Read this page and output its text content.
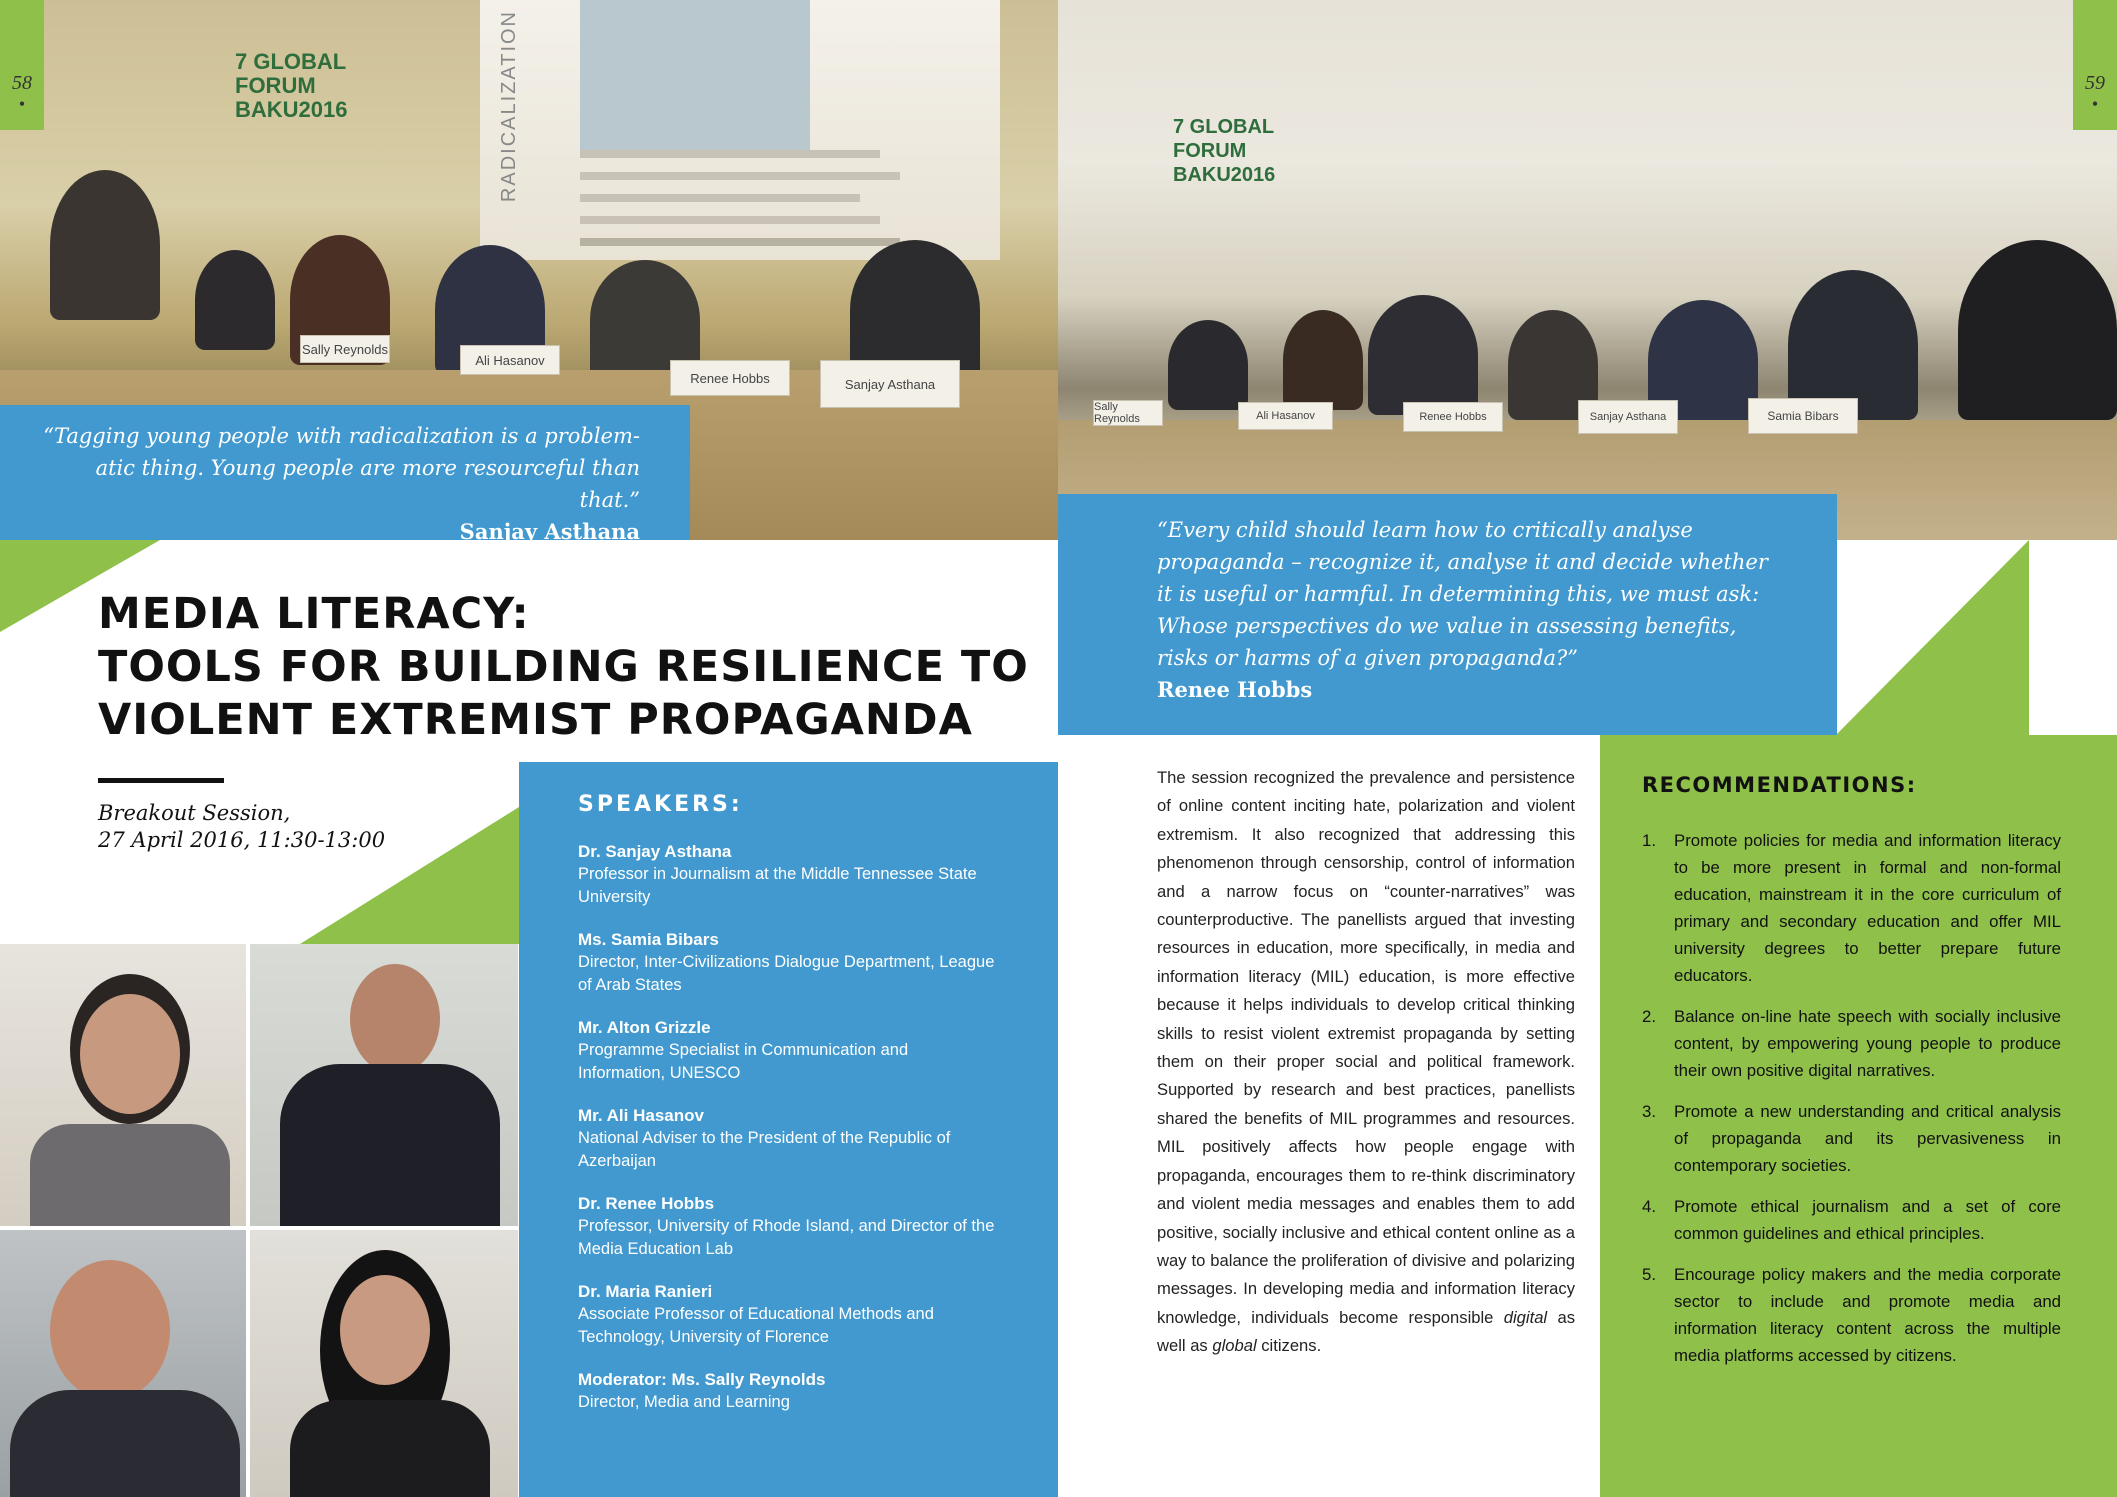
RADICALIZATION
7 GLOBAL FORUM BAKU2016
Sally Reynolds
Ali Hasanov
Renee Hobbs	Sanjay Asthana
7 GLOBAL FORUM BAKU2016
Sally Reynolds	Ali Hasanov	Renee Hobbs	Sanjay Asthana	Samia Bibars
58
•
59
•
“Tagging young people with radicalization is a problem-atic thing. Young people are more resourceful than that.”
Sanjay Asthana	“Every child should learn how to critically analyse propaganda – recognize it, analyse it and decide whether it is useful or harmful. In determining this, we must ask: Whose perspectives do we value in assessing benefits, risks or harms of a given propaganda?”
Renee Hobbs
MEDIA LITERACY:
TOOLS FOR BUILDING RESILIENCE TO
VIOLENT EXTREMIST PROPAGANDA
Breakout Session,
27 April 2016, 11:30-13:00
SPEAKERS:
Dr. Sanjay Asthana
Professor in Journalism at the Middle Tennessee State University
Ms. Samia Bibars
Director, Inter-Civilizations Dialogue Department, League of Arab States
Mr. Alton Grizzle
Programme Specialist in Communication and Information, UNESCO
Mr. Ali Hasanov
National Adviser to the President of the Republic of Azerbaijan
Dr. Renee Hobbs
Professor, University of Rhode Island, and Director of the Media Education Lab
Dr. Maria Ranieri
Associate Professor of Educational Methods and Technology, University of Florence
Moderator: Ms. Sally Reynolds
Director, Media and Learning
The session recognized the prevalence and persistence of online content inciting hate, polarization and violent extremism. It also recognized that addressing this phenomenon through censorship, control of information and a narrow focus on “counter-narratives” was counterproductive. The panellists argued that investing resources in education, more specifically, in media and information literacy (MIL) education, is more effective because it helps individuals to develop critical thinking skills to resist violent extremist propaganda by setting them on their proper social and political framework. Supported by research and best practices, panellists shared the benefits of MIL programmes and resources. MIL positively affects how people engage with propaganda, encourages them to re-think discriminatory and violent media messages and enables them to add positive, socially inclusive and ethical content online as a way to balance the proliferation of divisive and polarizing messages. In developing media and information literacy knowledge, individuals become responsible digital as well as global citizens.
RECOMMENDATIONS:
1.	Promote policies for media and information literacy to be more present in formal and non-formal education, mainstream it in the core curriculum of primary and secondary education and offer MIL university degrees to better prepare future educators.
2.	Balance on-line hate speech with socially inclusive content, by empowering young people to produce their own positive digital narratives.
3.	Promote a new understanding and critical analysis of propaganda and its pervasiveness in contemporary societies.
4.	Promote ethical journalism and a set of core common guidelines and ethical principles.
5.	Encourage policy makers and the media corporate sector to include and promote media and information literacy content across the multiple media platforms accessed by citizens.
